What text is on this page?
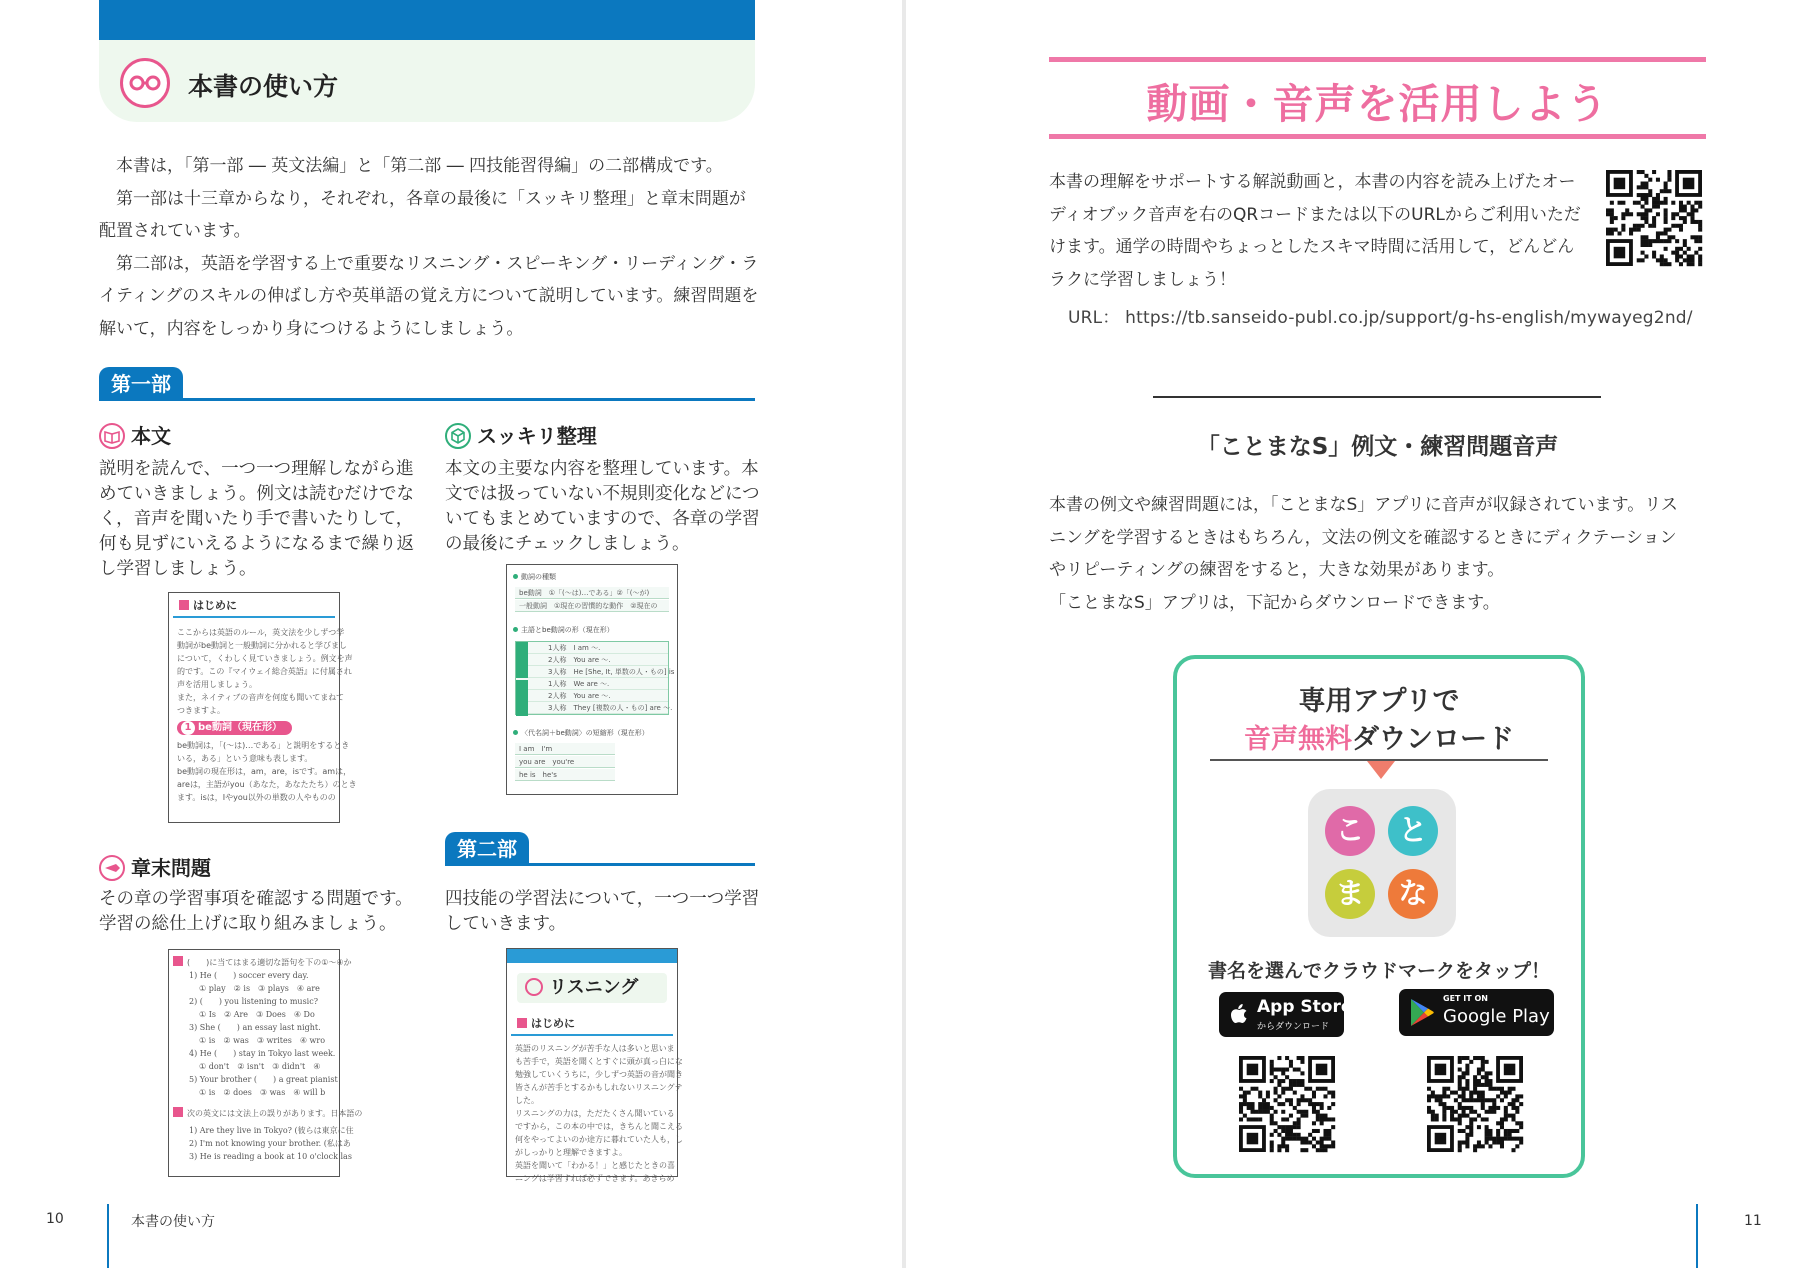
本書の使い方

本書は，「第一部 ― 英文法編」と「第二部 ― 四技能習得編」の二部構成です。

第一部は十三章からなり，それぞれ，各章の最後に「スッキリ整理」と章末問題が配置されています。

第二部は，英語を学習する上で重要なリスニング・スピーキング・リーディング・ライティングのスキルの伸ばし方や英単語の覚え方について説明しています。練習問題を解いて，内容をしっかり身につけるようにしましょう。

第一部
本文
説明を読んで、一つ一つ理解しながら進めていきましょう。例文は読むだけでなく，音声を聞いたり手で書いたりして，何も見ずにいえるようになるまで繰り返し学習しましょう。
はじめに
ここからは英語のルール，英文法を少しずつ学
動詞がbe動詞と一般動詞に分かれると学びまし
について，くわしく見ていきましょう。例文を声
的です。この『マイウェイ総合英語』に付属され
声を活用しましょう。
また，ネイティブの音声を何度も聞いてまねて
つきますよ。
1 be動詞（現在形）
be動詞は，「(〜は)…である」と説明をするとき
いる，ある」という意味も表します。
be動詞の現在形は，am，are，isです。amは，
areは，主語がyou（あなた，あなたたち）のとき
ます。isは，Iやyou以外の単数の人やものの
スッキリ整理
本文の主要な内容を整理しています。本文では扱っていない不規則変化などについてもまとめていますので、各章の学習の最後にチェックしましょう。
動詞の種類
be動詞　①「(〜は)…である」②「(〜が)
一般動詞　①現在の習慣的な動作　②現在の
主語とbe動詞の形（現在形）
1人称　I am 〜.
2人称　You are 〜.
3人称　He [She, It, 単数の人・もの] is
1人称　We are 〜.
2人称　You are 〜.
3人称　They [複数の人・もの] are 〜.
〈代名詞＋be動詞〉の短縮形（現在形）
I am　I'm
you are　you're
he is　he's
章末問題
その章の学習事項を確認する問題です。学習の総仕上げに取り組みましょう。
(　　)に当てはまる適切な語句を下の①〜④か
1) He (　　) soccer every day.
① play　② is　③ plays　④ are
2) (　　) you listening to music?
① Is　② Are　③ Does　④ Do
3) She (　　) an essay last night.
① is　② was　③ writes　④ wro
4) He (　　) stay in Tokyo last week.
① don't　② isn't　③ didn't　④
5) Your brother (　　) a great pianist
① is　② does　③ was　④ will b
次の英文には文法上の誤りがあります。日本語の
1) Are they live in Tokyo? (彼らは東京に住
2) I'm not knowing your brother. (私はあ
3) He is reading a book at 10 o'clock las
第二部
四技能の学習法について，一つ一つ学習していきます。
リスニング
はじめに
英語のリスニングが苦手な人は多いと思いま
も苦手で，英語を聞くとすぐに頭が真っ白にな
勉強していくうちに，少しずつ英語の音が聞き
皆さんが苦手とするかもしれないリスニングテ
した。
リスニングの力は，ただたくさん聞いている
ですから，この本の中では，きちんと聞こえる
何をやってよいのか途方に暮れていた人も，し
がしっかりと理解できますよ。
英語を聞いて「わかる！」と感じたときの喜
ニングは学習すれば必ずできます。あきらめ
10	本書の使い方
動画・音声を活用しよう
本書の理解をサポートする解説動画と，本書の内容を読み上げたオーディオブック音声を右のQRコードまたは以下のURLからご利用いただけます。通学の時間やちょっとしたスキマ時間に活用して，どんどんラクに学習しましょう！
URL： https://tb.sanseido-publ.co.jp/support/g-hs-english/mywayeg2nd/
「ことまなS」例文・練習問題音声
本書の例文や練習問題には，「ことまなS」アプリに音声が収録されています。リス
ニングを学習するときはもちろん，文法の例文を確認するときにディクテーション
やリピーティングの練習をすると，大きな効果があります。
「ことまなS」アプリは，下記からダウンロードできます。
専用アプリで
音声無料ダウンロード
こ	と
ま	な
書名を選んでクラウドマークをタップ！
App Store
からダウンロード
GET IT ON
Google Play
11
